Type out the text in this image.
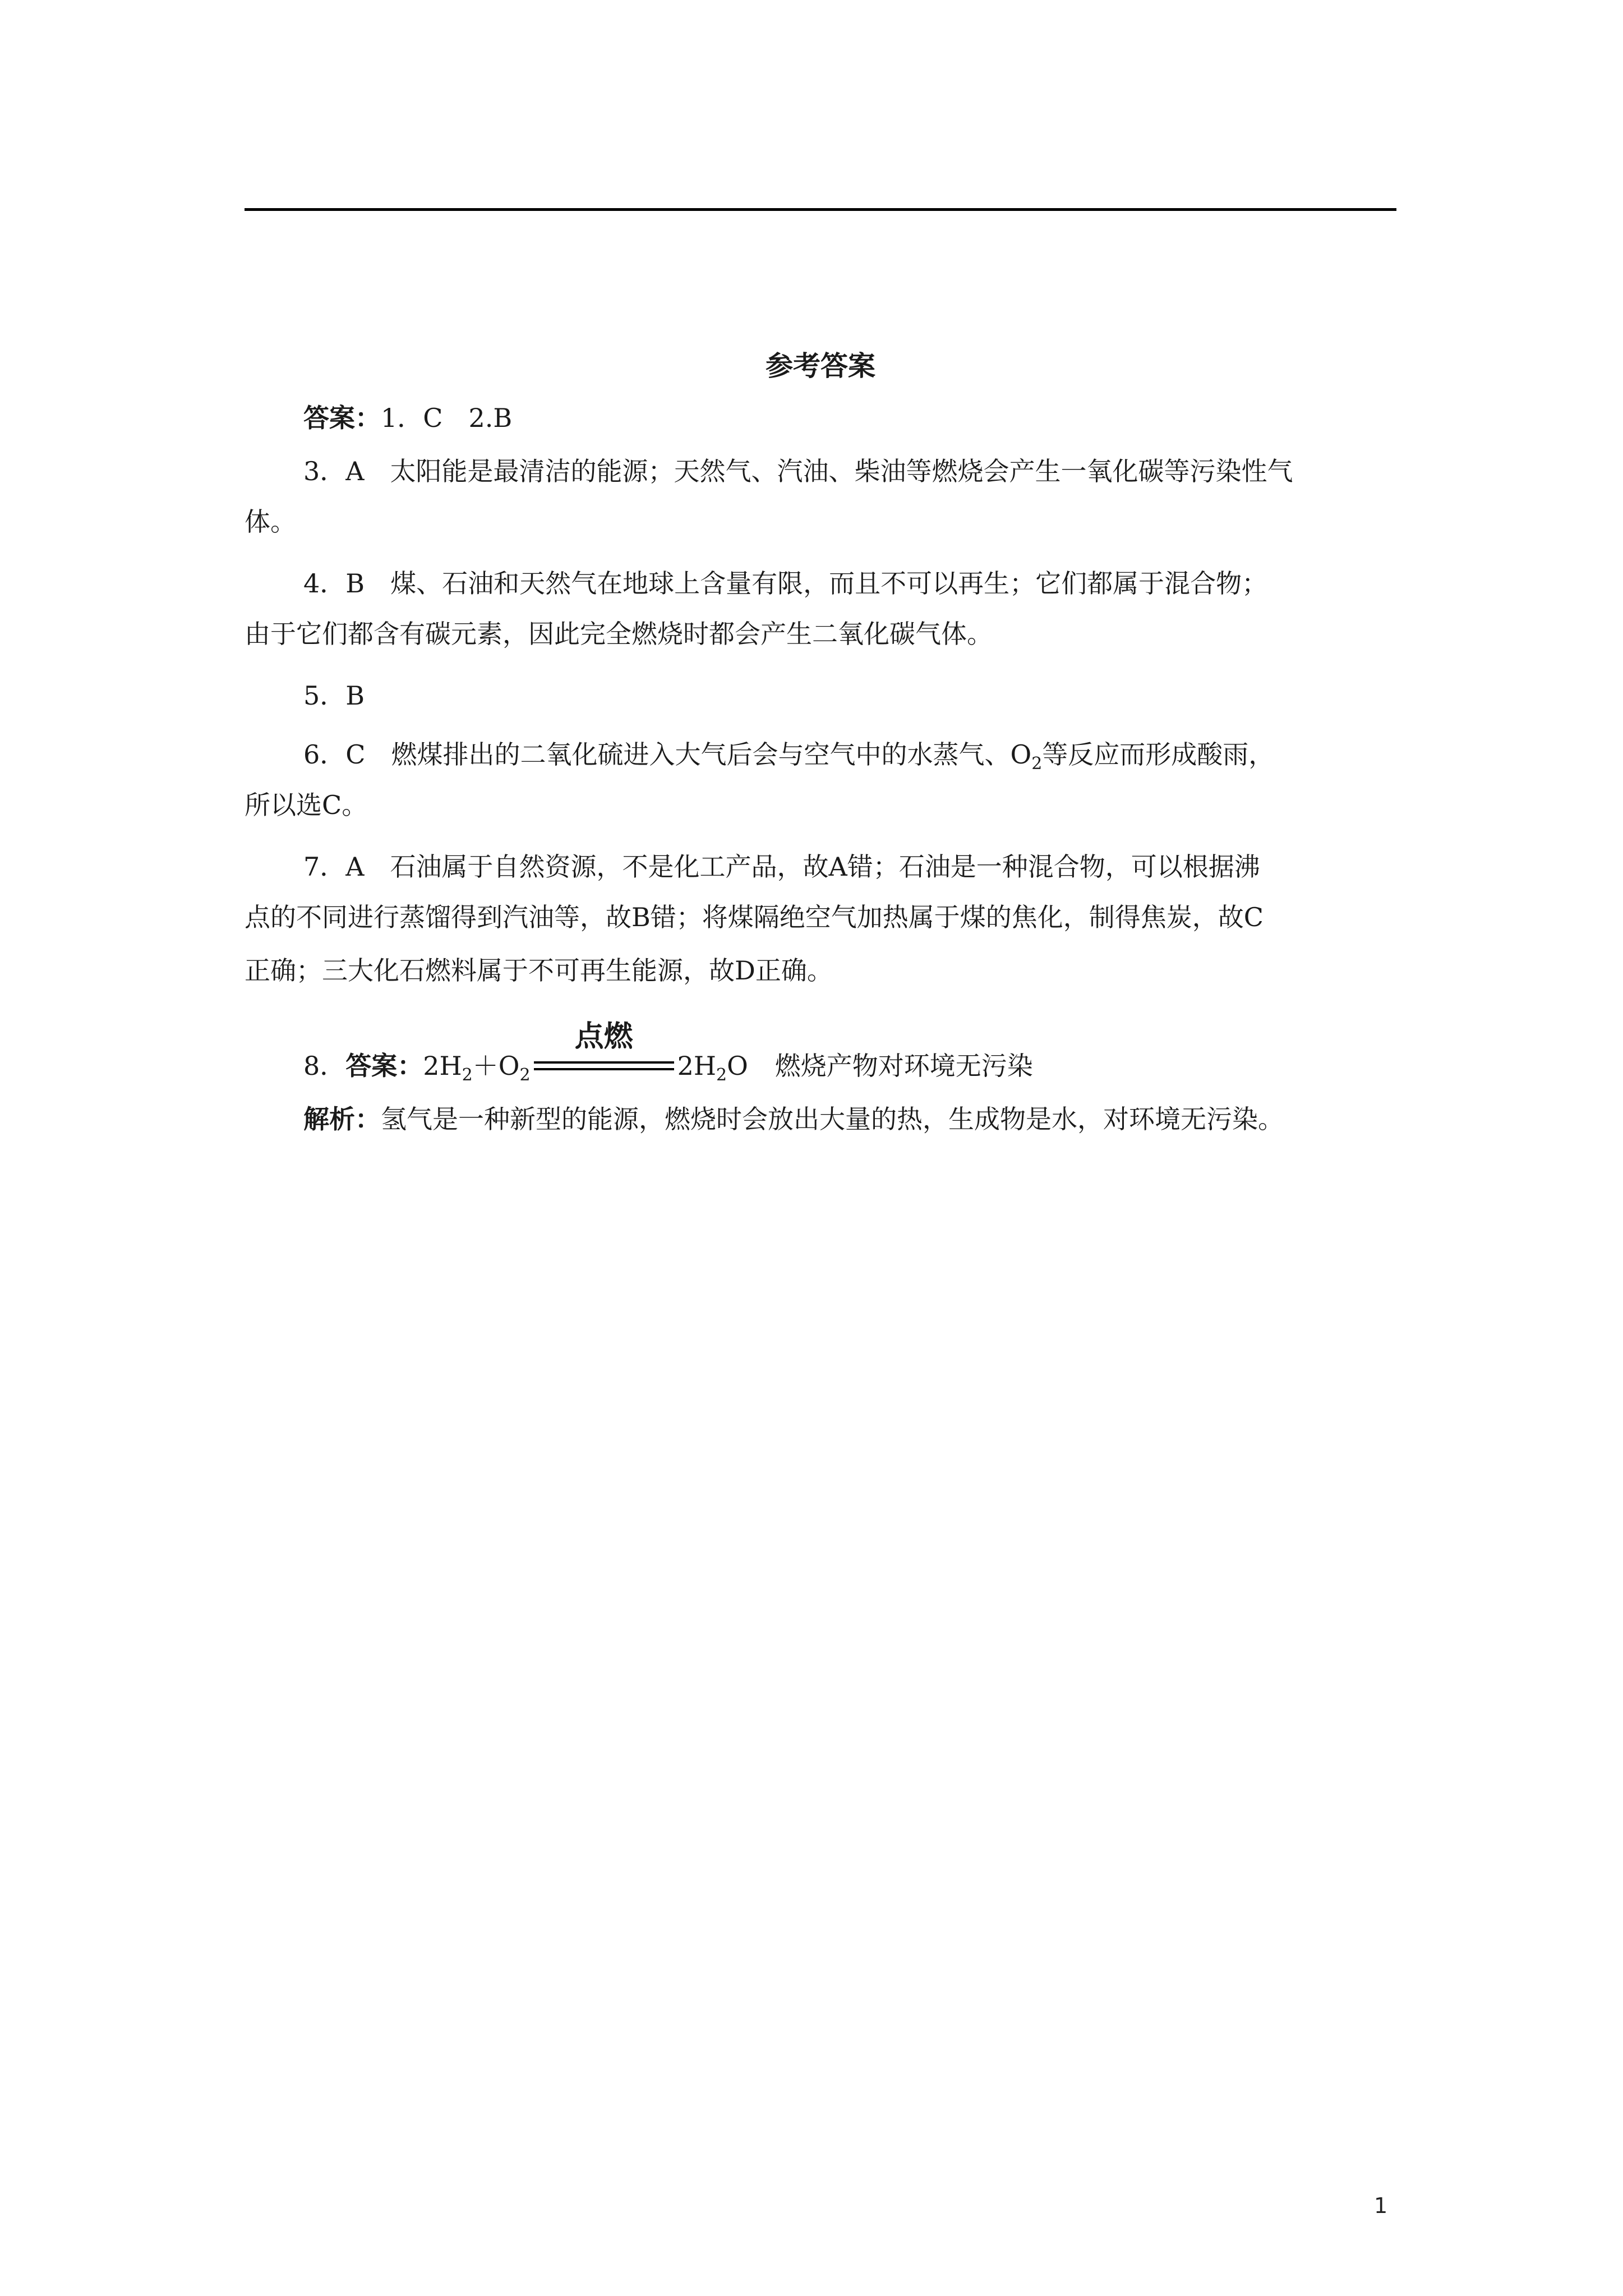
参考答案
答案：1．C　2.B
3．A　太阳能是最清洁的能源；天然气、汽油、柴油等燃烧会产生一氧化碳等污染性气
体。
4．B　煤、石油和天然气在地球上含量有限，而且不可以再生；它们都属于混合物；
由于它们都含有碳元素，因此完全燃烧时都会产生二氧化碳气体。
5．B
6．C　燃煤排出的二氧化硫进入大气后会与空气中的水蒸气、$O_2$等反应而形成酸雨，
所以选C。
7．A　石油属于自然资源，不是化工产品，故A错；石油是一种混合物，可以根据沸
点的不同进行蒸馏得到汽油等，故B错；将煤隔绝空气加热属于煤的焦化，制得焦炭，故C
正确；三大化石燃料属于不可再生能源，故D正确。
8．答案：$2H_2+O_2$
点燃
$2H_2O$ 燃烧产物对环境无污染
解析：氢气是一种新型的能源，燃烧时会放出大量的热，生成物是水，对环境无污染。
1
